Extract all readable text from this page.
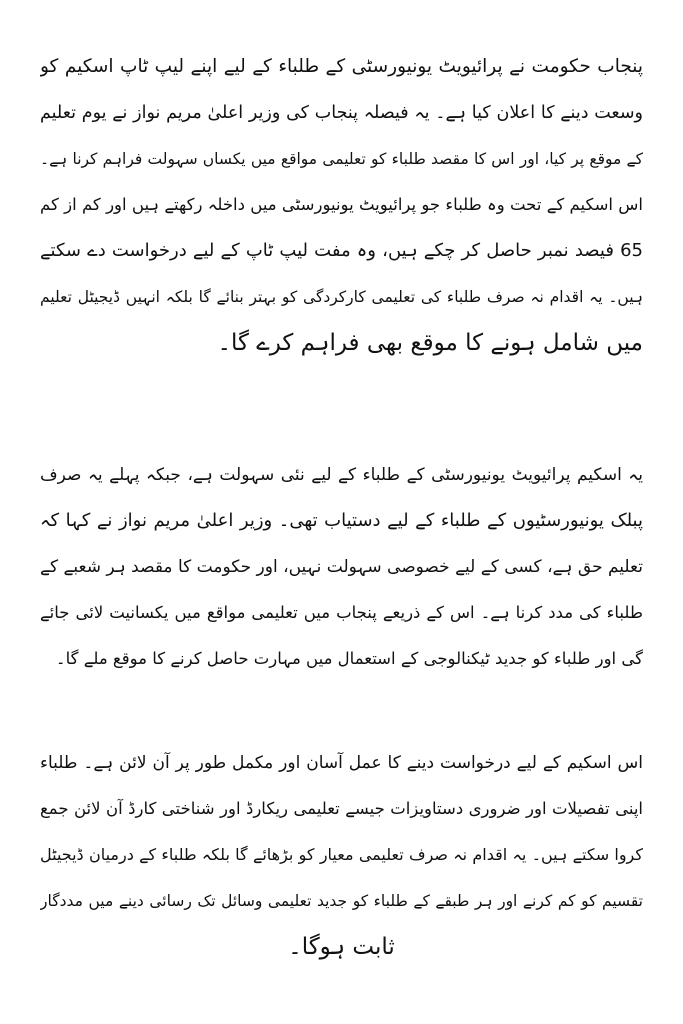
پنجاب حکومت نے پرائیویٹ یونیورسٹی کے طلباء کے لیے اپنے لیپ ٹاپ اسکیم کو
وسعت دینے کا اعلان کیا ہے۔ یہ فیصلہ پنجاب کی وزیر اعلیٰ مریم نواز نے یوم تعلیم
کے موقع پر کیا، اور اس کا مقصد طلباء کو تعلیمی مواقع میں یکساں سہولت فراہم کرنا ہے۔
اس اسکیم کے تحت وہ طلباء جو پرائیویٹ یونیورسٹی میں داخلہ رکھتے ہیں اور کم از کم
65 فیصد نمبر حاصل کر چکے ہیں، وہ مفت لیپ ٹاپ کے لیے درخواست دے سکتے
ہیں۔ یہ اقدام نہ صرف طلباء کی تعلیمی کارکردگی کو بہتر بنائے گا بلکہ انہیں ڈیجیٹل تعلیم
میں شامل ہونے کا موقع بھی فراہم کرے گا۔
یہ اسکیم پرائیویٹ یونیورسٹی کے طلباء کے لیے نئی سہولت ہے، جبکہ پہلے یہ صرف
پبلک یونیورسٹیوں کے طلباء کے لیے دستیاب تھی۔ وزیر اعلیٰ مریم نواز نے کہا کہ
تعلیم حق ہے، کسی کے لیے خصوصی سہولت نہیں، اور حکومت کا مقصد ہر شعبے کے
طلباء کی مدد کرنا ہے۔ اس کے ذریعے پنجاب میں تعلیمی مواقع میں یکسانیت لائی جائے
گی اور طلباء کو جدید ٹیکنالوجی کے استعمال میں مہارت حاصل کرنے کا موقع ملے گا۔
اس اسکیم کے لیے درخواست دینے کا عمل آسان اور مکمل طور پر آن لائن ہے۔ طلباء
اپنی تفصیلات اور ضروری دستاویزات جیسے تعلیمی ریکارڈ اور شناختی کارڈ آن لائن جمع
کروا سکتے ہیں۔ یہ اقدام نہ صرف تعلیمی معیار کو بڑھائے گا بلکہ طلباء کے درمیان ڈیجیٹل
تقسیم کو کم کرنے اور ہر طبقے کے طلباء کو جدید تعلیمی وسائل تک رسائی دینے میں مددگار
ثابت ہوگا۔
